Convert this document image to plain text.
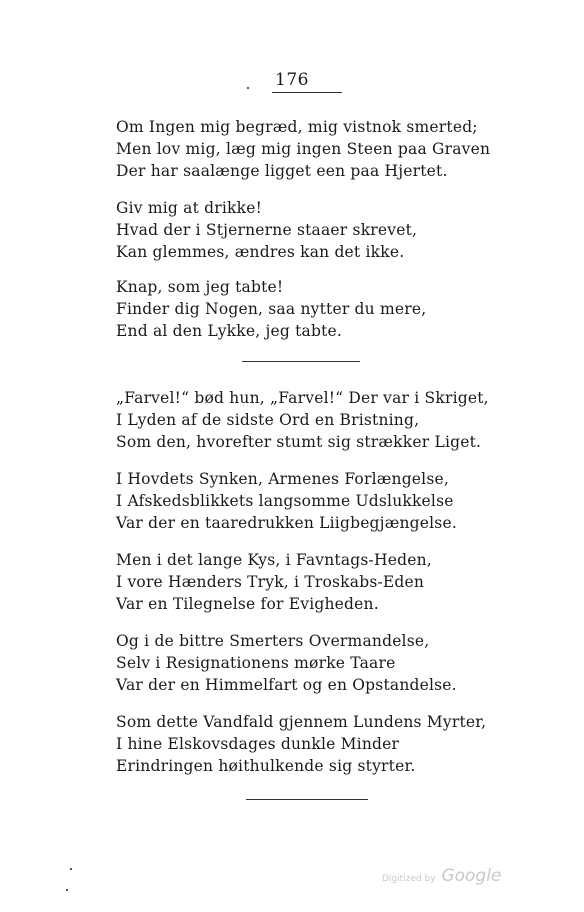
176
Om Ingen mig begræd, mig vistnok smerted;
Men lov mig, læg mig ingen Steen paa Graven
Der har saalænge ligget een paa Hjertet.
Giv mig at drikke!
Hvad der i Stjernerne staaer skrevet,
Kan glemmes, ændres kan det ikke.
Knap, som jeg tabte!
Finder dig Nogen, saa nytter du mere,
End al den Lykke, jeg tabte.
„Farvel!“ bød hun, „Farvel!“ Der var i Skriget,
I Lyden af de sidste Ord en Bristning,
Som den, hvorefter stumt sig strækker Liget.
I Hovdets Synken, Armenes Forlængelse,
I Afskedsblikkets langsomme Udslukkelse
Var der en taaredrukken Liigbegjængelse.
Men i det lange Kys, i Favntags-Heden,
I vore Hænders Tryk, i Troskabs-Eden
Var en Tilegnelse for Evigheden.
Og i de bittre Smerters Overmandelse,
Selv i Resignationens mørke Taare
Var der en Himmelfart og en Opstandelse.
Som dette Vandfald gjennem Lundens Myrter,
I hine Elskovsdages dunkle Minder
Erindringen høithulkende sig styrter.
Digitized by Google
